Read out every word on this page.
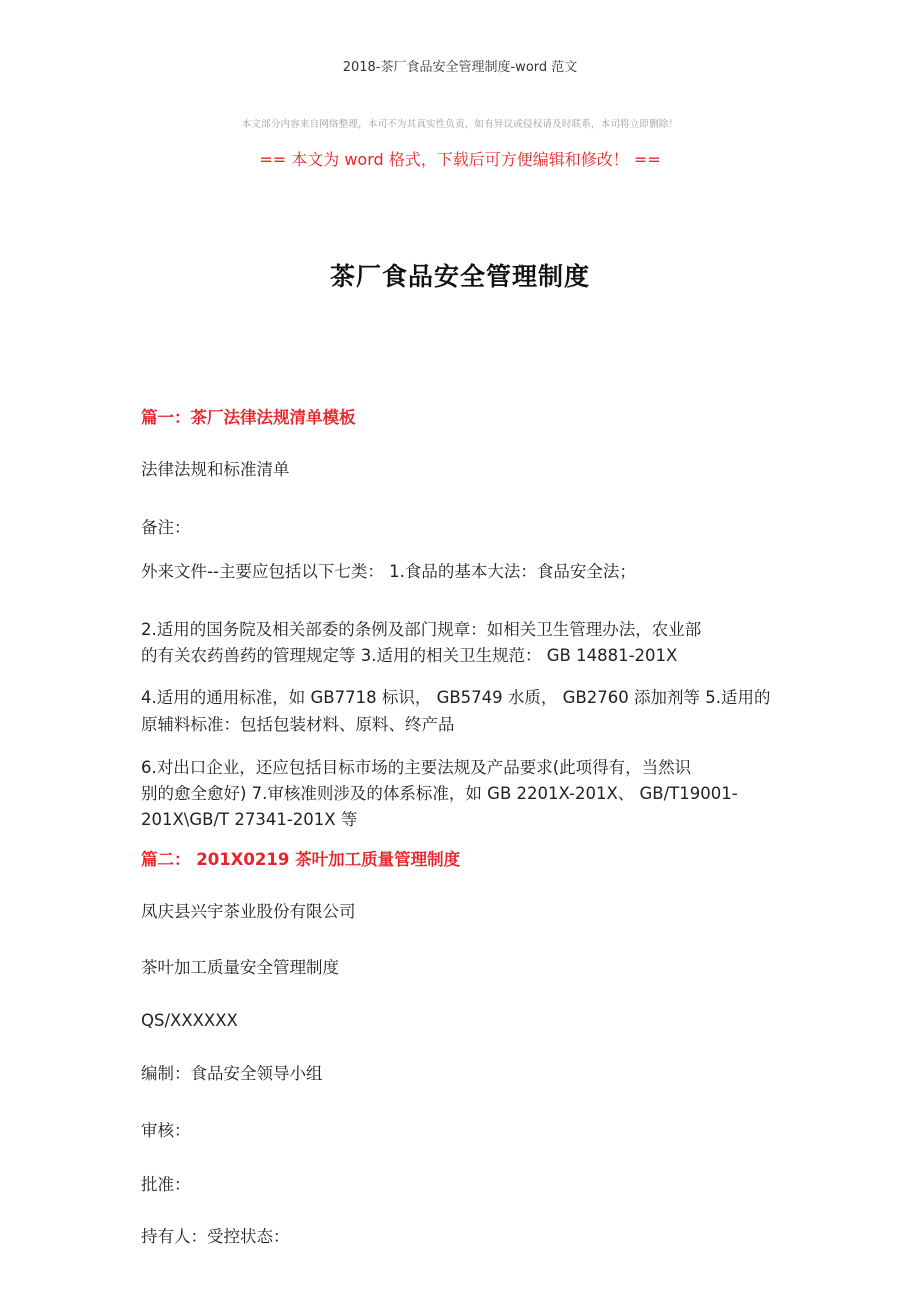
2018-茶厂食品安全管理制度-word 范文
本文部分内容来自网络整理，本司不为其真实性负责，如有异议或侵权请及时联系，本司将立即删除！
== 本文为 word 格式，下载后可方便编辑和修改！ ==
茶厂食品安全管理制度
篇一：茶厂法律法规清单模板
法律法规和标准清单
备注：
外来文件--主要应包括以下七类： 1.食品的基本大法：食品安全法；
2.适用的国务院及相关部委的条例及部门规章：如相关卫生管理办法，农业部
的有关农药兽药的管理规定等 3.适用的相关卫生规范： GB 14881-201X
4.适用的通用标准，如 GB7718 标识， GB5749 水质， GB2760 添加剂等 5.适用的
原辅料标准：包括包装材料、原料、终产品
6.对出口企业，还应包括目标市场的主要法规及产品要求(此项得有，当然识
别的愈全愈好) 7.审核准则涉及的体系标准，如 GB 2201X-201X、 GB/T19001-
201X\GB/T 27341-201X 等
篇二： 201X0219 茶叶加工质量管理制度
凤庆县兴宇茶业股份有限公司
茶叶加工质量安全管理制度
QS/XXXXXX
编制：食品安全领导小组
审核：
批准：
持有人：受控状态：
